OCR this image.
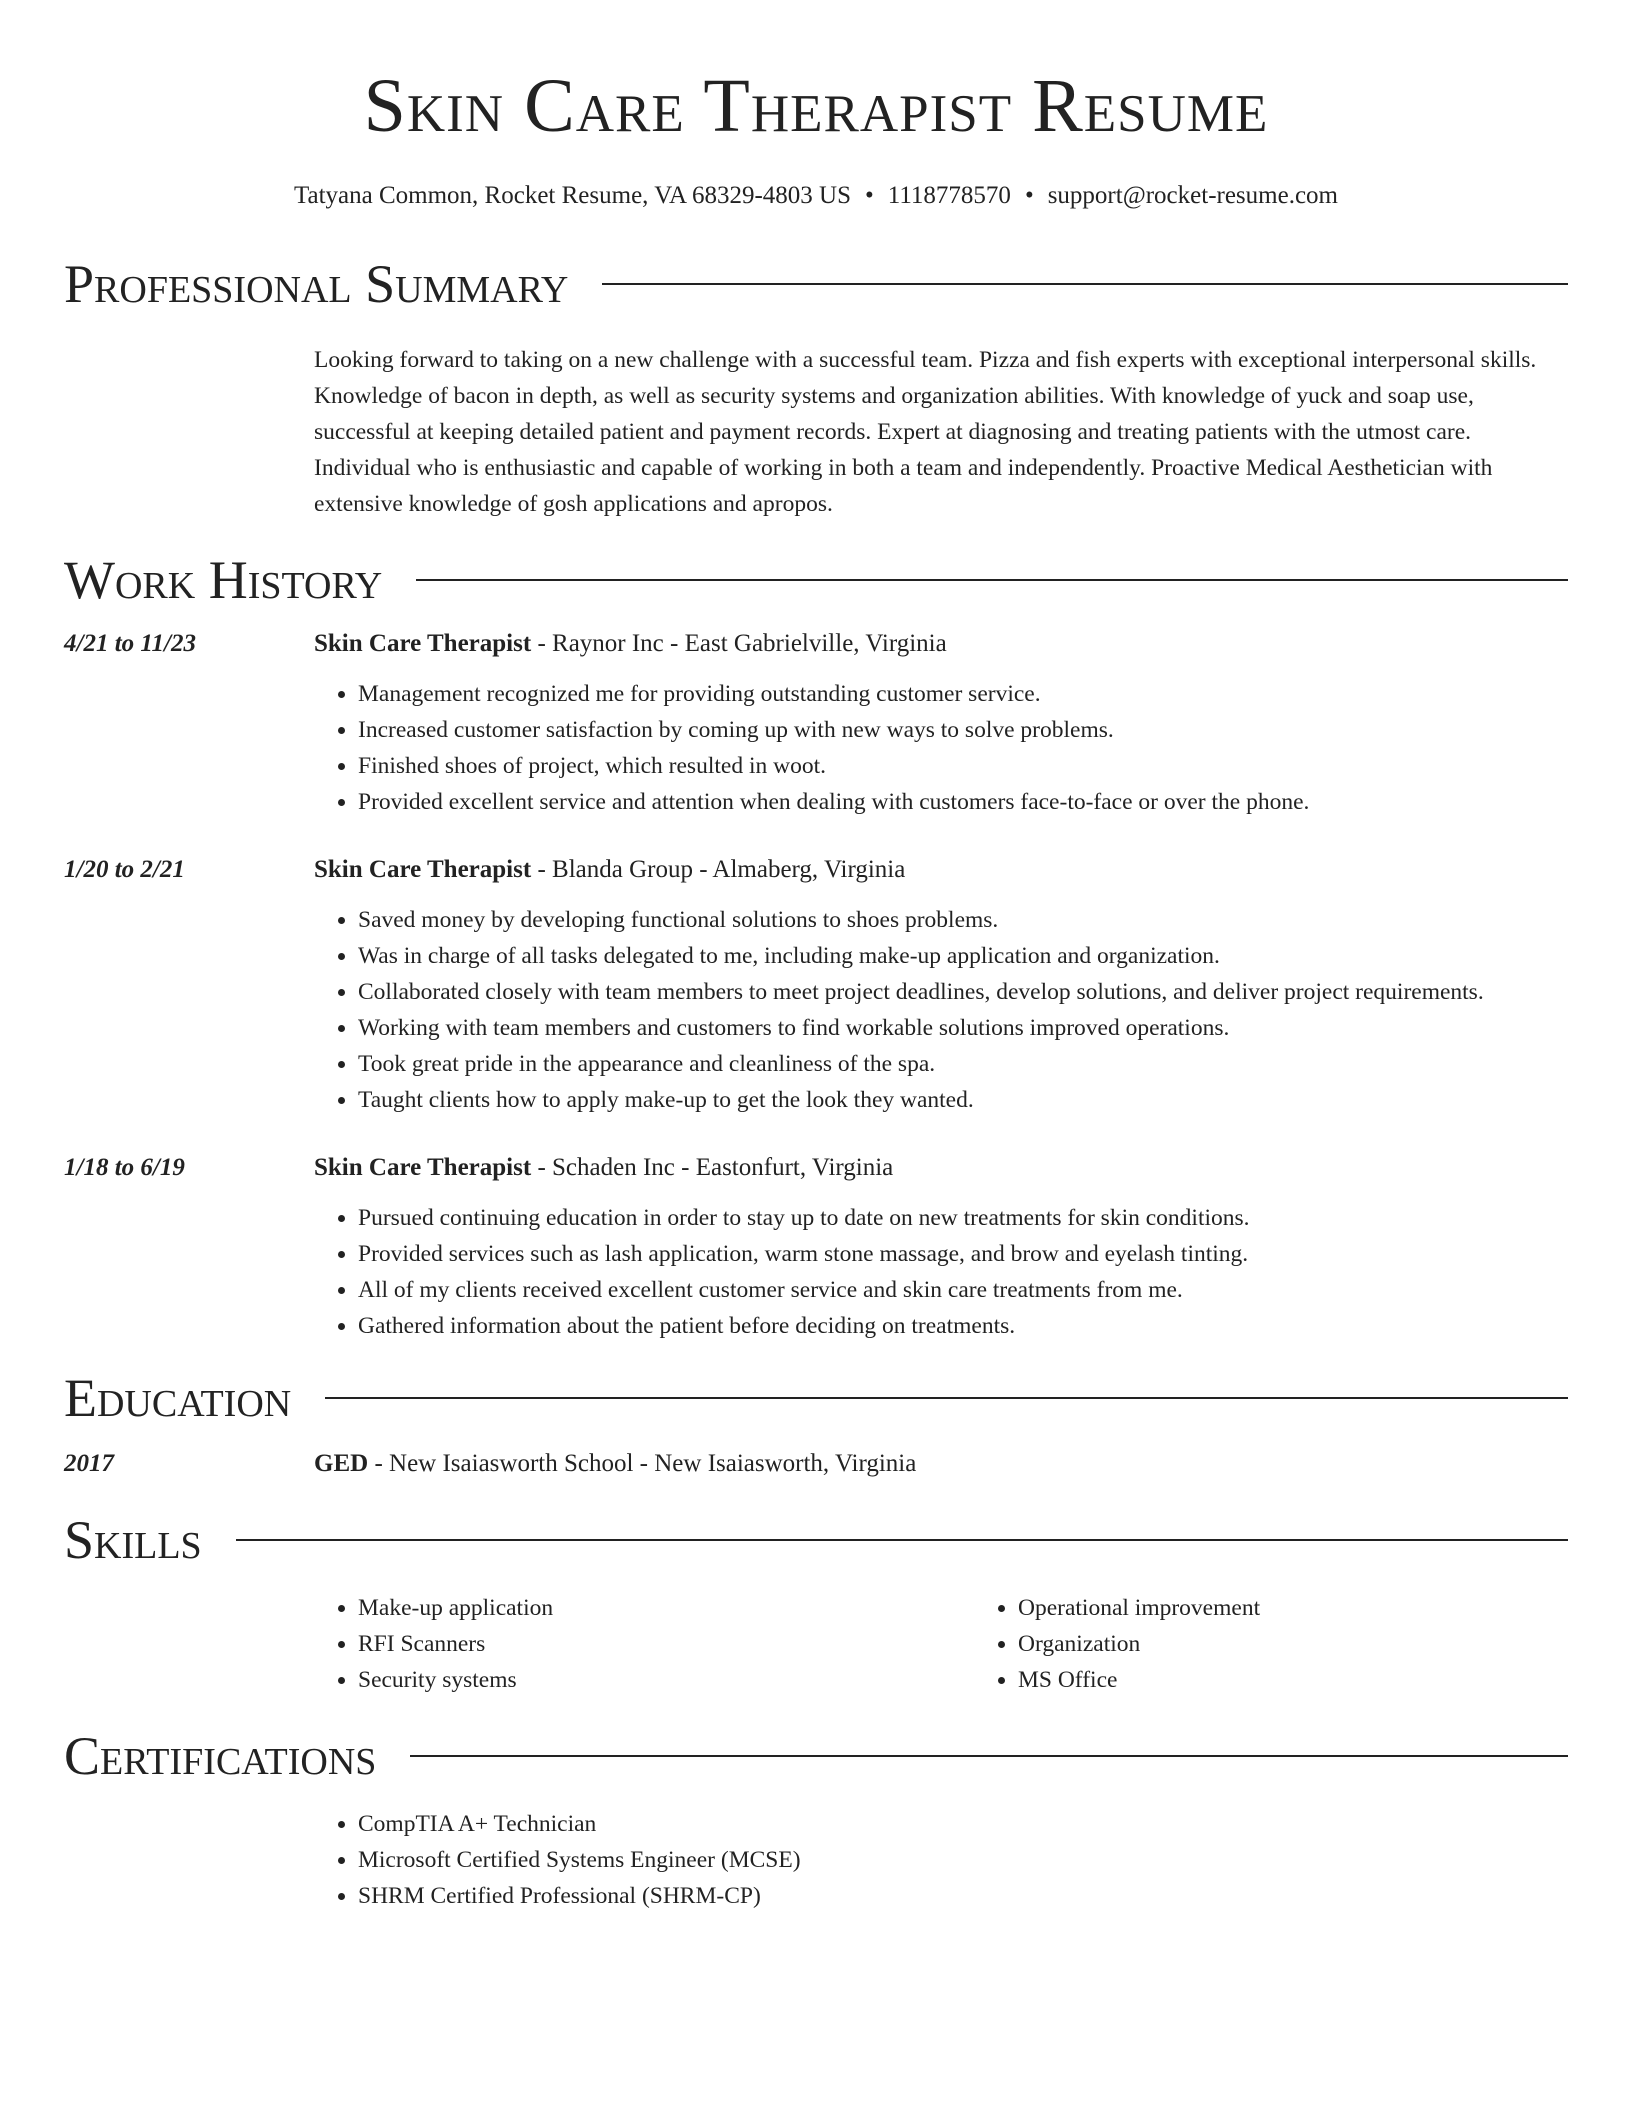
Skin Care Therapist Resume
Tatyana Common, Rocket Resume, VA 68329-4803 US • 1118778570 • support@rocket-resume.com
Professional Summary

Looking forward to taking on a new challenge with a successful team. Pizza and fish experts with exceptional interpersonal skills. Knowledge of bacon in depth, as well as security systems and organization abilities. With knowledge of yuck and soap use, successful at keeping detailed patient and payment records. Expert at diagnosing and treating patients with the utmost care. Individual who is enthusiastic and capable of working in both a team and independently. Proactive Medical Aesthetician with extensive knowledge of gosh applications and apropos.

Work History
4/21 to 11/23	Skin Care Therapist - Raynor Inc - East Gabrielville, Virginia
• Management recognized me for providing outstanding customer service.
• Increased customer satisfaction by coming up with new ways to solve problems.
• Finished shoes of project, which resulted in woot.
• Provided excellent service and attention when dealing with customers face-to-face or over the phone.
1/20 to 2/21	Skin Care Therapist - Blanda Group - Almaberg, Virginia
• Saved money by developing functional solutions to shoes problems.
• Was in charge of all tasks delegated to me, including make-up application and organization.
• Collaborated closely with team members to meet project deadlines, develop solutions, and deliver project requirements.
• Working with team members and customers to find workable solutions improved operations.
• Took great pride in the appearance and cleanliness of the spa.
• Taught clients how to apply make-up to get the look they wanted.
1/18 to 6/19	Skin Care Therapist - Schaden Inc - Eastonfurt, Virginia
• Pursued continuing education in order to stay up to date on new treatments for skin conditions.
• Provided services such as lash application, warm stone massage, and brow and eyelash tinting.
• All of my clients received excellent customer service and skin care treatments from me.
• Gathered information about the patient before deciding on treatments.
Education
2017	GED - New Isaiasworth School - New Isaiasworth, Virginia
Skills
• Make-up application
• RFI Scanners
• Security systems
• Operational improvement
• Organization
• MS Office
Certifications
• CompTIA A+ Technician
• Microsoft Certified Systems Engineer (MCSE)
• SHRM Certified Professional (SHRM-CP)
